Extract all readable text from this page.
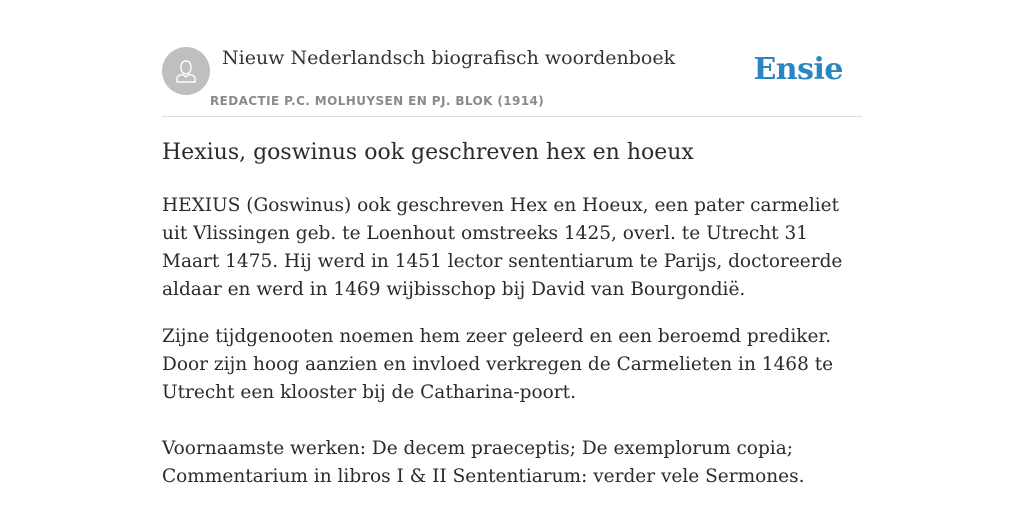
Nieuw Nederlandsch biografisch woordenboek
REDACTIE P.C. MOLHUYSEN EN PJ. BLOK (1914)
Ensie
Hexius, goswinus ook geschreven hex en hoeux

HEXIUS (Goswinus) ook geschreven Hex en Hoeux, een pater carmeliet uit Vlissingen geb. te Loenhout omstreeks 1425, overl. te Utrecht 31 Maart 1475. Hij werd in 1451 lector sententiarum te Parijs, doctoreerde aldaar en werd in 1469 wijbisschop bij David van Bourgondië.

Zijne tijdgenooten noemen hem zeer geleerd en een beroemd prediker. Door zijn hoog aanzien en invloed verkregen de Carmelieten in 1468 te Utrecht een klooster bij de Catharina-poort.

Voornaamste werken: De decem praeceptis; De exemplorum copia; Commentarium in libros I & II Sententiarum: verder vele Sermones.
